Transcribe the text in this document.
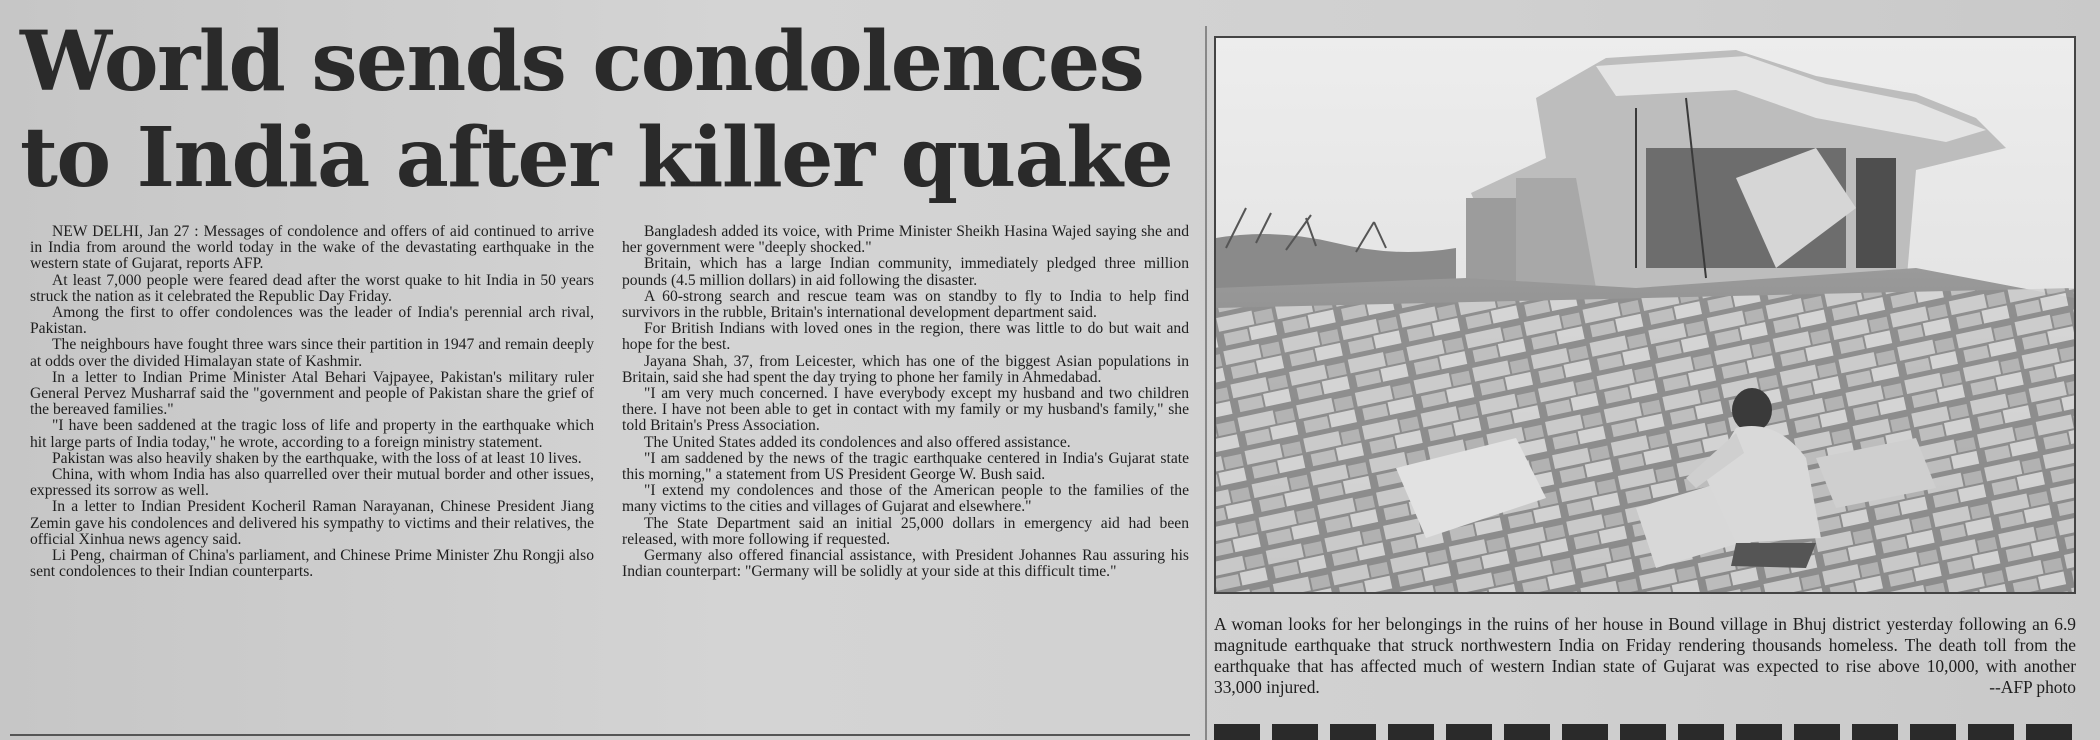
World sends condolences
to India after killer quake

NEW DELHI, Jan 27 : Messages of condolence and offers of aid continued to arrive in India from around the world today in the wake of the devastating earthquake in the western state of Gujarat, reports AFP.

At least 7,000 people were feared dead after the worst quake to hit India in 50 years struck the nation as it celebrated the Republic Day Friday.

Among the first to offer condolences was the leader of India's perennial arch rival, Pakistan.

The neighbours have fought three wars since their partition in 1947 and remain deeply at odds over the divided Himalayan state of Kashmir.

In a letter to Indian Prime Minister Atal Behari Vajpayee, Pakistan's military ruler General Pervez Musharraf said the "government and people of Pakistan share the grief of the bereaved families."

"I have been saddened at the tragic loss of life and property in the earthquake which hit large parts of India today," he wrote, according to a foreign ministry statement.

Pakistan was also heavily shaken by the earthquake, with the loss of at least 10 lives.

China, with whom India has also quarrelled over their mutual border and other issues, expressed its sorrow as well.

In a letter to Indian President Kocheril Raman Narayanan, Chinese President Jiang Zemin gave his condolences and delivered his sympathy to victims and their relatives, the official Xinhua news agency said.

Li Peng, chairman of China's parliament, and Chinese Prime Minister Zhu Rongji also sent condolences to their Indian counterparts.

Bangladesh added its voice, with Prime Minister Sheikh Hasina Wajed saying she and her government were "deeply shocked."

Britain, which has a large Indian community, immediately pledged three million pounds (4.5 million dollars) in aid following the disaster.

A 60-strong search and rescue team was on standby to fly to India to help find survivors in the rubble, Britain's international development department said.

For British Indians with loved ones in the region, there was little to do but wait and hope for the best.

Jayana Shah, 37, from Leicester, which has one of the biggest Asian populations in Britain, said she had spent the day trying to phone her family in Ahmedabad.

"I am very much concerned. I have everybody except my husband and two children there. I have not been able to get in contact with my family or my husband's family," she told Britain's Press Association.

The United States added its condolences and also offered assistance.

"I am saddened by the news of the tragic earthquake centered in India's Gujarat state this morning," a statement from US President George W. Bush said.

"I extend my condolences and those of the American people to the families of the many victims to the cities and villages of Gujarat and elsewhere."

The State Department said an initial 25,000 dollars in emergency aid had been released, with more following if requested.

Germany also offered financial assistance, with President Johannes Rau assuring his Indian counterpart: "Germany will be solidly at your side at this difficult time."

A woman looks for her belongings in the ruins of her house in Bound village in Bhuj district yesterday following an 6.9 magnitude earthquake that struck northwestern India on Friday rendering thousands homeless. The death toll from the earthquake that has affected much of western Indian state of Gujarat was expected to rise above 10,000, with another 33,000 injured.	--AFP photo
